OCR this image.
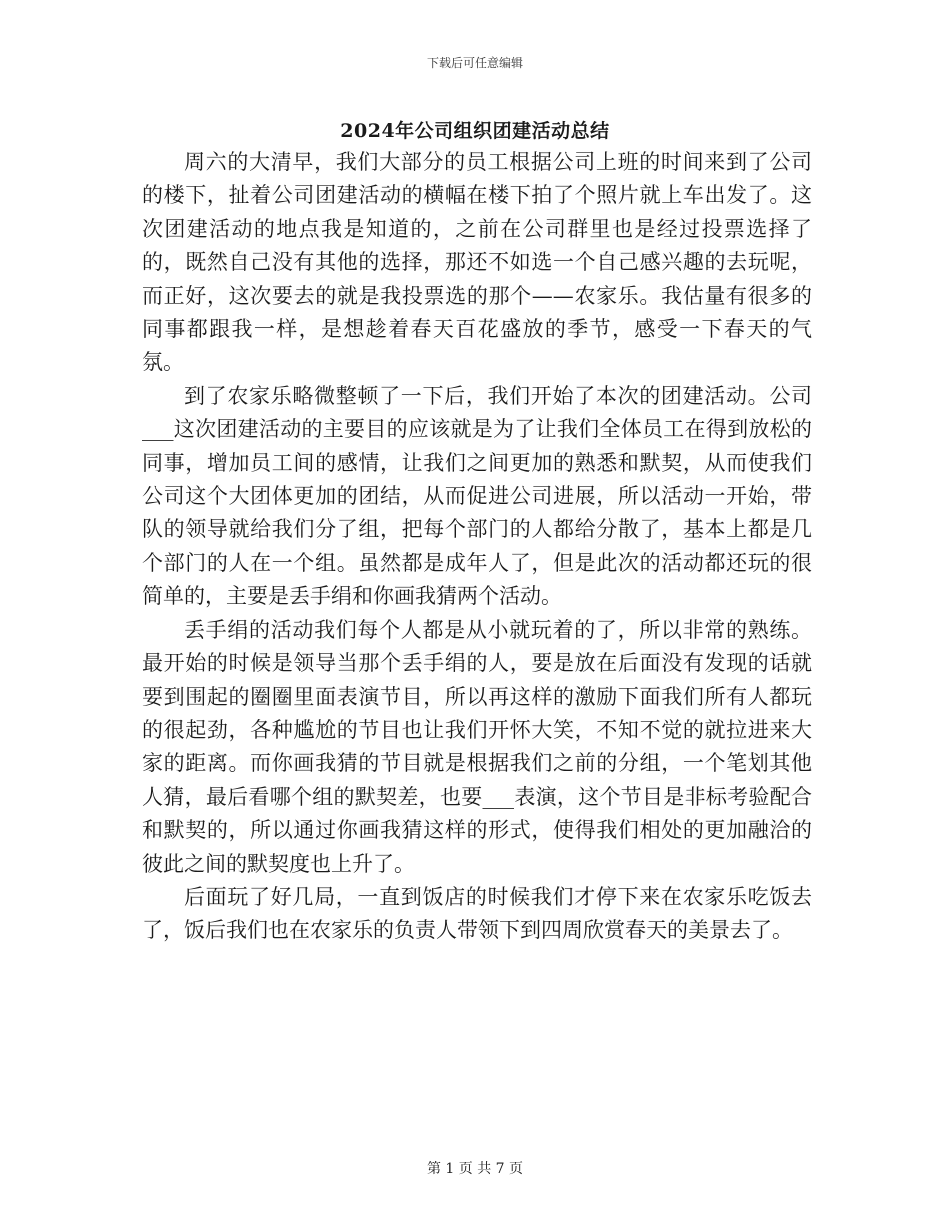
下载后可任意编辑
2024年公司组织团建活动总结

周六的大清早，我们大部分的员工根据公司上班的时间来到了公司的楼下，扯着公司团建活动的横幅在楼下拍了个照片就上车出发了。这次团建活动的地点我是知道的，之前在公司群里也是经过投票选择了的，既然自己没有其他的选择，那还不如选一个自己感兴趣的去玩呢，而正好，这次要去的就是我投票选的那个——农家乐。我估量有很多的同事都跟我一样，是想趁着春天百花盛放的季节，感受一下春天的气氛。

到了农家乐略微整顿了一下后，我们开始了本次的团建活动。公司___这次团建活动的主要目的应该就是为了让我们全体员工在得到放松的同事，增加员工间的感情，让我们之间更加的熟悉和默契，从而使我们公司这个大团体更加的团结，从而促进公司进展，所以活动一开始，带队的领导就给我们分了组，把每个部门的人都给分散了，基本上都是几个部门的人在一个组。虽然都是成年人了，但是此次的活动都还玩的很简单的，主要是丢手绢和你画我猜两个活动。

丢手绢的活动我们每个人都是从小就玩着的了，所以非常的熟练。最开始的时候是领导当那个丢手绢的人，要是放在后面没有发现的话就要到围起的圈圈里面表演节目，所以再这样的激励下面我们所有人都玩的很起劲，各种尴尬的节目也让我们开怀大笑，不知不觉的就拉进来大家的距离。而你画我猜的节目就是根据我们之前的分组，一个笔划其他人猜，最后看哪个组的默契差，也要___表演，这个节目是非标考验配合和默契的，所以通过你画我猜这样的形式，使得我们相处的更加融洽的彼此之间的默契度也上升了。

后面玩了好几局，一直到饭店的时候我们才停下来在农家乐吃饭去了，饭后我们也在农家乐的负责人带领下到四周欣赏春天的美景去了。

第 1 页 共 7 页
